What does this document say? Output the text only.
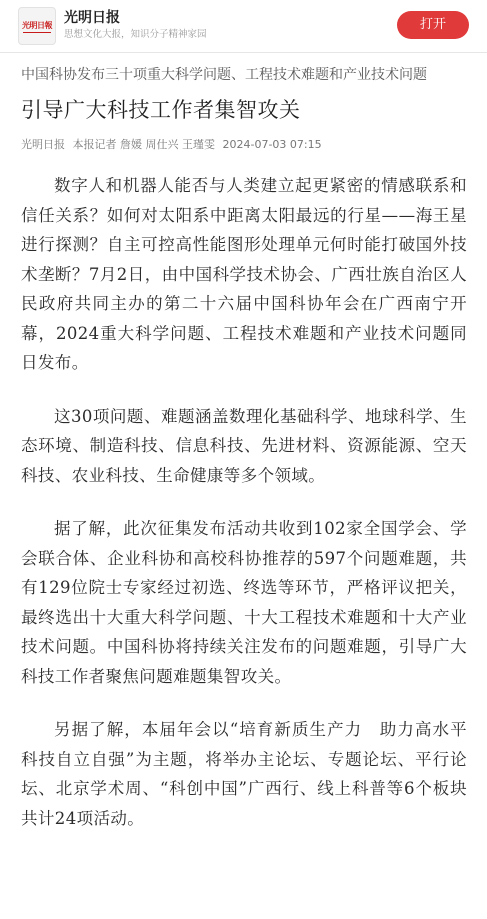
光明日報 光明日报
思想文化大报，知识分子精神家园
打开
中国科协发布三十项重大科学问题、工程技术难题和产业技术问题
引导广大科技工作者集智攻关
光明日报 本报记者 詹媛 周仕兴 王瑾雯 2024-07-03 07:15

数字人和机器人能否与人类建立起更紧密的情感联系和信任关系？如何对太阳系中距离太阳最远的行星——海王星进行探测？自主可控高性能图形处理单元何时能打破国外技术垄断？7月2日，由中国科学技术协会、广西壮族自治区人民政府共同主办的第二十六届中国科协年会在广西南宁开幕，2024重大科学问题、工程技术难题和产业技术问题同日发布。

这30项问题、难题涵盖数理化基础科学、地球科学、生态环境、制造科技、信息科技、先进材料、资源能源、空天科技、农业科技、生命健康等多个领域。

据了解，此次征集发布活动共收到102家全国学会、学会联合体、企业科协和高校科协推荐的597个问题难题，共有129位院士专家经过初选、终选等环节，严格评议把关，最终选出十大重大科学问题、十大工程技术难题和十大产业技术问题。中国科协将持续关注发布的问题难题，引导广大科技工作者聚焦问题难题集智攻关。

另据了解，本届年会以“培育新质生产力　助力高水平科技自立自强”为主题，将举办主论坛、专题论坛、平行论坛、北京学术周、“科创中国”广西行、线上科普等6个板块共计24项活动。
